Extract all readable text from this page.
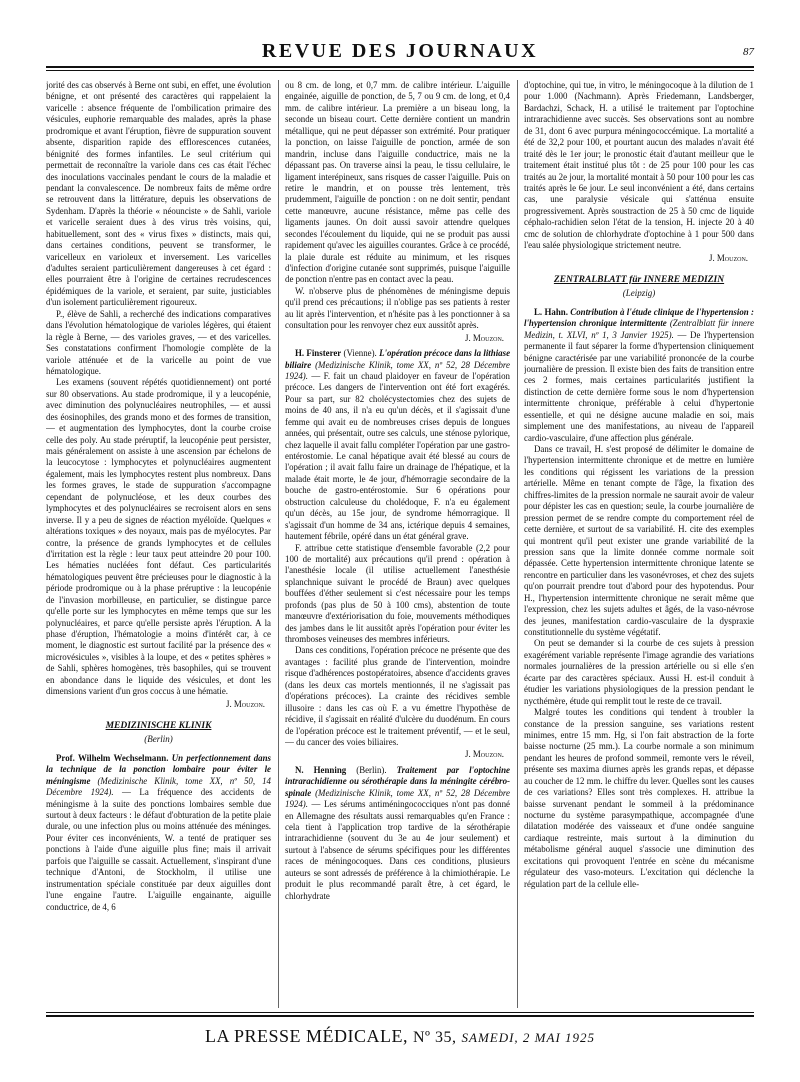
REVUE DES JOURNAUX	87

jorité des cas observés à Berne ont subi, en effet, une évolution bénigne, et ont présenté des caractères qui rappelaient la varicelle : absence fréquente de l'ombilication primaire des vésicules, euphorie remarquable des malades, après la phase prodromique et avant l'éruption, fièvre de suppuration souvent absente, disparition rapide des efflorescences cutanées, bénignité des formes infantiles. Le seul critérium qui permettait de reconnaître la variole dans ces cas était l'échec des inoculations vaccinales pendant le cours de la maladie et pendant la convalescence. De nombreux faits de même ordre se retrouvent dans la littérature, depuis les observations de Sydenham. D'après la théorie « néounciste » de Sahli, variole et varicelle seraient dues à des virus très voisins, qui, habituellement, sont des « virus fixes » distincts, mais qui, dans certaines conditions, peuvent se transformer, le varicelleux en varioleux et inversement. Les varicelles d'adultes seraient particulièrement dangereuses à cet égard : elles pourraient être à l'origine de certaines recrudescences épidémiques de la variole, et seraient, par suite, justiciables d'un isolement particulièrement rigoureux.

P., élève de Sahli, a recherché des indications comparatives dans l'évolution hématologique de varioles légères, qui étaient la règle à Berne, — des varioles graves, — et des varicelles. Ses constatations confirment l'homologie complète de la variole atténuée et de la varicelle au point de vue hématologique.

Les examens (souvent répétés quotidiennement) ont porté sur 80 observations. Au stade prodromique, il y a leucopénie, avec diminution des polynucléaires neutrophiles, — et aussi des éosinophiles, des grands mono et des formes de transition, — et augmentation des lymphocytes, dont la courbe croise celle des poly. Au stade préruptif, la leucopénie peut persister, mais généralement on assiste à une ascension par échelons de la leucocytose : lymphocytes et polynucléaires augmentent également, mais les lymphocytes restent plus nombreux. Dans les formes graves, le stade de suppuration s'accompagne cependant de polynucléose, et les deux courbes des lymphocytes et des polynucléaires se recroisent alors en sens inverse. Il y a peu de signes de réaction myéloïde. Quelques « altérations toxiques » des noyaux, mais pas de myélocytes. Par contre, la présence de grands lymphocytes et de cellules d'irritation est la règle : leur taux peut atteindre 20 pour 100. Les hématies nucléées font défaut. Ces particularités hématologiques peuvent être précieuses pour le diagnostic à la période prodromique ou à la phase préruptive : la leucopénie de l'invasion morbilleuse, en particulier, se distingue parce qu'elle porte sur les lymphocytes en même temps que sur les polynucléaires, et parce qu'elle persiste après l'éruption. A la phase d'éruption, l'hématologie a moins d'intérêt car, à ce moment, le diagnostic est surtout facilité par la présence des « microvésicules », visibles à la loupe, et des « petites sphères » de Sahli, sphères homogènes, très basophiles, qui se trouvent en abondance dans le liquide des vésicules, et dont les dimensions varient d'un gros coccus à une hématie.

J. Mouzon.

MEDIZINISCHE KLINIK
(Berlin)

Prof. Wilhelm Wechselmann. Un perfectionnement dans la technique de la ponction lombaire pour éviter le méningisme (Medizinische Klinik, tome XX, nº 50, 14 Décembre 1924). — La fréquence des accidents de méningisme à la suite des ponctions lombaires semble due surtout à deux facteurs : le défaut d'obturation de la petite plaie durale, ou une infection plus ou moins atténuée des méninges. Pour éviter ces inconvénients, W. a tenté de pratiquer ses ponctions à l'aide d'une aiguille plus fine; mais il arrivait parfois que l'aiguille se cassait. Actuellement, s'inspirant d'une technique d'Antoni, de Stockholm, il utilise une instrumentation spéciale constituée par deux aiguilles dont l'une engaine l'autre. L'aiguille engainante, aiguille conductrice, de 4, 6

ou 8 cm. de long, et 0,7 mm. de calibre intérieur. L'aiguille engainée, aiguille de ponction, de 5, 7 ou 9 cm. de long, et 0,4 mm. de calibre intérieur. La première a un biseau long, la seconde un biseau court. Cette dernière contient un mandrin métallique, qui ne peut dépasser son extrémité. Pour pratiquer la ponction, on laisse l'aiguille de ponction, armée de son mandrin, incluse dans l'aiguille conductrice, mais ne la dépassant pas. On traverse ainsi la peau, le tissu cellulaire, le ligament interépineux, sans risques de casser l'aiguille. Puis on retire le mandrin, et on pousse très lentement, très prudemment, l'aiguille de ponction : on ne doit sentir, pendant cette manœuvre, aucune résistance, même pas celle des ligaments jaunes. On doit aussi savoir attendre quelques secondes l'écoulement du liquide, qui ne se produit pas aussi rapidement qu'avec les aiguilles courantes. Grâce à ce procédé, la plaie durale est réduite au minimum, et les risques d'infection d'origine cutanée sont supprimés, puisque l'aiguille de ponction n'entre pas en contact avec la peau.

W. n'observe plus de phénomènes de méningisme depuis qu'il prend ces précautions; il n'oblige pas ses patients à rester au lit après l'intervention, et n'hésite pas à les ponctionner à sa consultation pour les renvoyer chez eux aussitôt après.

J. Mouzon.

H. Finsterer (Vienne). L'opération précoce dans la lithiase biliaire (Medizinische Klinik, tome XX, nº 52, 28 Décembre 1924). — F. fait un chaud plaidoyer en faveur de l'opération précoce. Les dangers de l'intervention ont été fort exagérés. Pour sa part, sur 82 cholécystectomies chez des sujets de moins de 40 ans, il n'a eu qu'un décès, et il s'agissait d'une femme qui avait eu de nombreuses crises depuis de longues années, qui présentait, outre ses calculs, une sténose pylorique, chez laquelle il avait fallu compléter l'opération par une gastro-entérostomie. Le canal hépatique avait été blessé au cours de l'opération ; il avait fallu faire un drainage de l'hépatique, et la malade était morte, le 4e jour, d'hémorragie secondaire de la bouche de gastro-entérostomie. Sur 6 opérations pour obstruction calculeuse du cholédoque, F. n'a eu également qu'un décès, au 15e jour, de syndrome hémorragique. Il s'agissait d'un homme de 34 ans, ictérique depuis 4 semaines, hautement fébrile, opéré dans un état général grave.

F. attribue cette statistique d'ensemble favorable (2,2 pour 100 de mortalité) aux précautions qu'il prend : opération à l'anesthésie locale (il utilise actuellement l'anesthésie splanchnique suivant le procédé de Braun) avec quelques bouffées d'éther seulement si c'est nécessaire pour les temps profonds (pas plus de 50 à 100 cms), abstention de toute manœuvre d'extériorisation du foie, mouvements méthodiques des jambes dans le lit aussitôt après l'opération pour éviter les thromboses veineuses des membres inférieurs.

Dans ces conditions, l'opération précoce ne présente que des avantages : facilité plus grande de l'intervention, moindre risque d'adhérences postopératoires, absence d'accidents graves (dans les deux cas mortels mentionnés, il ne s'agissait pas d'opérations précoces). La crainte des récidives semble illusoire : dans les cas où F. a vu émettre l'hypothèse de récidive, il s'agissait en réalité d'ulcère du duodénum. En cours de l'opération précoce est le traitement préventif, — et le seul, — du cancer des voies biliaires.

J. Mouzon.

N. Henning (Berlin). Traitement par l'optochine intrarachidienne ou sérothérapie dans la méningite cérébro-spinale (Medizinische Klinik, tome XX, nº 52, 28 Décembre 1924). — Les sérums antiméningococciques n'ont pas donné en Allemagne des résultats aussi remarquables qu'en France : cela tient à l'application trop tardive de la sérothérapie intrarachidienne (souvent du 3e au 4e jour seulement) et surtout à l'absence de sérums spécifiques pour les différentes races de méningocoques. Dans ces conditions, plusieurs auteurs se sont adressés de préférence à la chimiothérapie. Le produit le plus recommandé paraît être, à cet égard, le chlorhydrate

d'optochine, qui tue, in vitro, le méningocoque à la dilution de 1 pour 1.000 (Nachmann). Après Friedemann, Landsberger, Bardachzi, Schack, H. a utilisé le traitement par l'optochine intrarachidienne avec succès. Ses observations sont au nombre de 31, dont 6 avec purpura méningococcémique. La mortalité a été de 32,2 pour 100, et pourtant aucun des malades n'avait été traité dès le 1er jour; le pronostic était d'autant meilleur que le traitement était institué plus tôt : de 25 pour 100 pour les cas traités au 2e jour, la mortalité montait à 50 pour 100 pour les cas traités après le 6e jour. Le seul inconvénient a été, dans certains cas, une paralysie vésicale qui s'atténua ensuite progressivement. Après soustraction de 25 à 50 cmc de liquide céphalo-rachidien selon l'état de la tension, H. injecte 20 à 40 cmc de solution de chlorhydrate d'optochine à 1 pour 500 dans l'eau salée physiologique strictement neutre.

J. Mouzon.

ZENTRALBLATT für INNERE MEDIZIN
(Leipzig)

L. Hahn. Contribution à l'étude clinique de l'hypertension : l'hypertension chronique intermittente (Zentralblatt für innere Medizin, t. XLVI, nº 1, 3 Janvier 1925). — De l'hypertension permanente il faut séparer la forme d'hypertension cliniquement bénigne caractérisée par une variabilité prononcée de la courbe journalière de pression. Il existe bien des faits de transition entre ces 2 formes, mais certaines particularités justifient la distinction de cette dernière forme sous le nom d'hypertension intermittente chronique, préférable à celui d'hypertonie essentielle, et qui ne désigne aucune maladie en soi, mais simplement une des manifestations, au niveau de l'appareil cardio-vasculaire, d'une affection plus générale.

Dans ce travail, H. s'est proposé de délimiter le domaine de l'hypertension intermittente chronique et de mettre en lumière les conditions qui régissent les variations de la pression artérielle. Même en tenant compte de l'âge, la fixation des chiffres-limites de la pression normale ne saurait avoir de valeur pour dépister les cas en question; seule, la courbe journalière de pression permet de se rendre compte du comportement réel de cette dernière, et surtout de sa variabilité. H. cite des exemples qui montrent qu'il peut exister une grande variabilité de la pression sans que la limite donnée comme normale soit dépassée. Cette hypertension intermittente chronique latente se rencontre en particulier dans les vasonévroses, et chez des sujets qu'on pourrait prendre tout d'abord pour des hypotendus. Pour H., l'hypertension intermittente chronique ne serait même que l'expression, chez les sujets adultes et âgés, de la vaso-névrose des jeunes, manifestation cardio-vasculaire de la dyspraxie constitutionnelle du système végétatif.

On peut se demander si la courbe de ces sujets à pression exagérément variable représente l'image agrandie des variations normales journalières de la pression artérielle ou si elle s'en écarte par des caractères spéciaux. Aussi H. est-il conduit à étudier les variations physiologiques de la pression pendant le nycthémère, étude qui remplit tout le reste de ce travail.

Malgré toutes les conditions qui tendent à troubler la constance de la pression sanguine, ses variations restent minimes, entre 15 mm. Hg, si l'on fait abstraction de la forte baisse nocturne (25 mm.). La courbe normale a son minimum pendant les heures de profond sommeil, remonte vers le réveil, présente ses maxima diurnes après les grands repas, et dépasse au coucher de 12 mm. le chiffre du lever. Quelles sont les causes de ces variations? Elles sont très complexes. H. attribue la baisse survenant pendant le sommeil à la prédominance nocturne du système parasympathique, accompagnée d'une dilatation modérée des vaisseaux et d'une ondée sanguine cardiaque restreinte, mais surtout à la diminution du métabolisme général auquel s'associe une diminution des excitations qui provoquent l'entrée en scène du mécanisme régulateur des vaso-moteurs. L'excitation qui déclenche la régulation part de la cellule elle-

LA PRESSE MÉDICALE, Nº 35, SAMEDI, 2 MAI 1925
